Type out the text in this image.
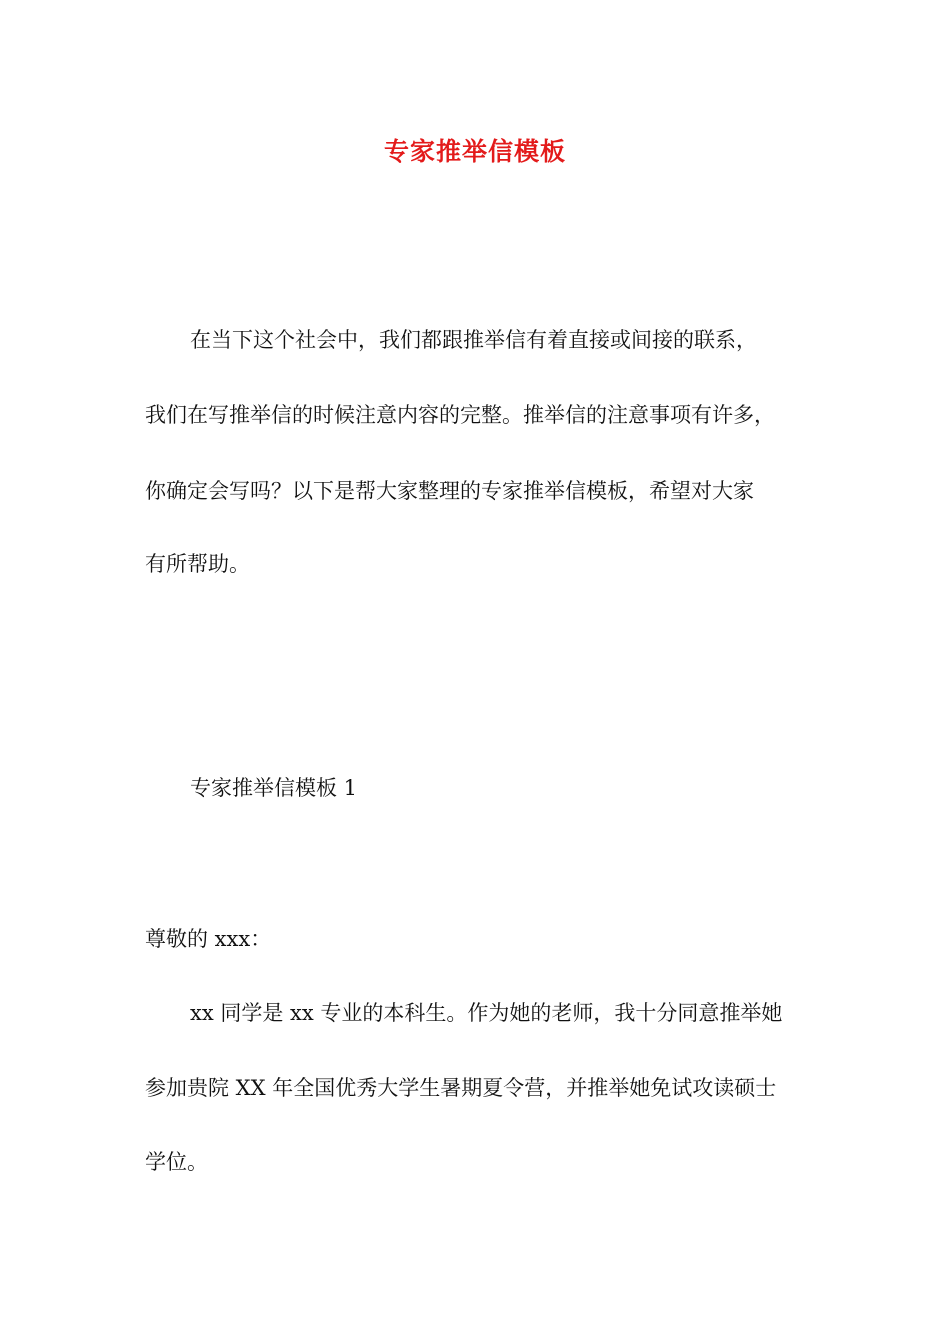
专家推举信模板
在当下这个社会中，我们都跟推举信有着直接或间接的联系，
我们在写推举信的时候注意内容的完整。推举信的注意事项有许多，
你确定会写吗？以下是帮大家整理的专家推举信模板，希望对大家
有所帮助。
专家推举信模板 1
尊敬的 xxx：
xx 同学是 xx 专业的本科生。作为她的老师，我十分同意推举她
参加贵院 XX 年全国优秀大学生暑期夏令营，并推举她免试攻读硕士
学位。
